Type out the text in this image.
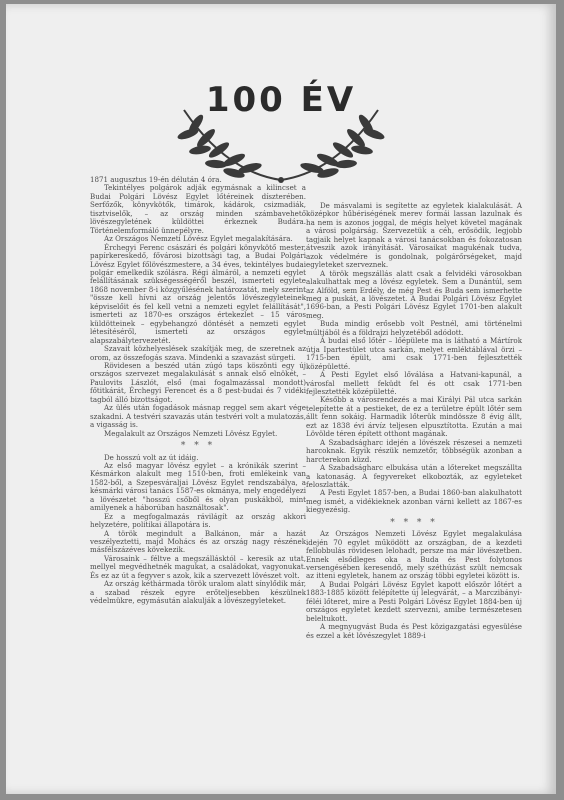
100 ÉV

1871 augusztus 19-én délután 4 óra.

Tekintélyes polgárok adják egymásnak a kilincset a Budai Polgári Lövész Egylet lőtéreinek díszterében. Serfőzők, könyvkötők, timárok, kádárok, csizmadiák, tisztviselők, – az ország minden számbavehető lövészegyletének küldöttei érkeznek Budára. Történelemformáló ünnepélyre.

Az Országos Nemzeti Lövész Egylet megalakítására.

Érchegyi Ferenc császári és polgári könyvkötő mester, papírkereskedő, fővárosi bizottsági tag, a Budai Polgári Lövész Egylet főlövészmestere, a 34 éves, tekintélyes budai polgár emelkedik szólásra. Régi álmáról, a nemzeti egylet felállításának szükségességéről beszél, ismerteti egylete 1868 november 8-i közgyűlésének határozatát, mely szerint "össze kell hívni az ország jelentős lövészegyleteinek képviselőit és fel kell vetni a nemzeti egylet felállítását", ismerteti az 1870-es országos értekezlet – 15 város küldötteinek – egybehangzó döntését a nemzeti egylet létesítéséről, ismerteti az országos egylet alapszabálytervezetét.

Szavait közhelyeslések szakítják meg, de szeretnek az orom, az összefogás szava. Mindenki a szavazást sürgeti.

Rövidesen a beszéd után zúgó taps köszönti egy új országos szervezet megalakulását s annak első elnökét, – Paulovits Lászlót, első (mai fogalmazással mondott) főtitkárát, Érchegyi Ferencet és a 8 pest-budai és 7 vidéki tagból álló bizottságot.

Az ülés után fogadások másnap reggel sem akart vége szakadni. A testvéri szavazás után testvéri volt a mulatozás, a vigasság is.

Megalakult az Országos Nemzeti Lövész Egylet.

* * *

De hosszú volt az út idáig.

Az első magyar lövész egylet – a krónikák szerint – Késmárkon alakult meg 1510-ben, froti emlékeink van 1582-ből, a Szepesváraljai Lövész Egylet rendszabálya, a késmárki városi tanács 1587-es okmánya, mely engedélyezi a lövészetet "hosszú csőből és olyan puskákból, mint amilyenek a háborúban használtosak".

Ez a megfogalmazás rávilágít az ország akkori helyzetére, politikai állapotára is.

A török megindult a Balkánon, már a hazát veszélyeztetti, majd Mohács és az ország nagy részének másfélszázéves kövekezik.

Városaink – féltve a megszállásktól – keresik az utat, mellyel megvédhetnék magukat, a családokat, vagyonukat. És ez az út a fegyver s azok, kik a szervezett lövészet volt.

Az ország kéthármada török uralom alatt sínylődik már, a szabad részek egyre erőteljesebben készülnek védelmükre, egymásután alakulják a lövészegyleteket.

De másvalami is segítette az egyletek kialakulását. A középkor hűbériségének merev formái lassan lazulnak és ha nem is azonos joggal, de mégis helyet követel magának a városi polgárság. Szervezetük a céh, erősödik, legjobb tagjaik helyet kapnak a városi tanácsokban és fokozatosan átveszik azok irányítását. Városaikat magukénak tudva, azok védelmére is gondolnak, polgárőrségeket, majd egyleteket szerveznek.

A török megszállás alatt csak a felvidéki városokban alakulhattak meg a lövész egyletek. Sem a Dunántúl, sem az Alföld, sem Erdély, de még Pest és Buda sem ismerhette meg a puskát, a lövészetet. A Budai Polgári Lövész Egylet 1696-ban, a Pesti Polgári Lövész Egylet 1701-ben alakult meg.

Buda mindig erősebb volt Pestnél, ami történelmi múltjából és a földrajzi helyzetéből adódott.

A budai első lőtér – lőépülete ma is látható a Mártírok útja Ipartestület utca sarkán, melyet emléktáblával örzi – 1715-ben épült, ami csak 1771-ben fejlesztették középületté.

A Pesti Egylet első lőválása a Hatvani-kapunál, a városfal mellett feküdt fel és ott csak 1771-ben fejlesztették középületté.

Később a városrendezés a mai Királyi Pál utca sarkán telepítette át a pestieket, de ez a területre épült lőtér sem állt fenn sokáig. Harmadik lőterük mindössze 8 évig állt, ezt az 1838 évi árvíz teljesen elpusztította. Ezután a mai Lövölde téren épített otthont magának.

A Szabadságharc idején a lövészek részesei a nemzeti harcoknak. Egyik részük nemzetőr, többségük azonban a harcterekon küzd.

A Szabadságharc elbukása után a lőtereket megszállta a katonaság. A fegyvereket elkobozták, az egyleteket feloszlatták.

A Pesti Egylet 1857-ben, a Budai 1860-ban alakulhatott meg ismét, a vidékieknek azonban várni kellett az 1867-es kiegyezésig.

* * * *

Az Országos Nemzeti Lövész Egylet megalakulása idején 70 egylet működött az országban, de a kezdeti fellobbulás rövidesen lelohadt, persze ma már lövészetben. Ennek elsődleges oka a Buda és Pest folytonos versengésében keresendő, mely széthúzást szült nemcsak az itteni egyletek, hanem az ország többi egyletei között is.

A Budai Polgári Lövész Egylet kapott először lőtért a 1883-1885 között felépítette új lelegvárát, – a Marczibányi-féléi lőteret, mire a Pesti Polgári Lövész Egylet 1884-ben új országos egyletet kezdett szervezni, amibe természetesen beleltukott.

A megnyugvást Buda és Pest közigazgatási egyesülése és ezzel a két lövészegylet 1889-i
